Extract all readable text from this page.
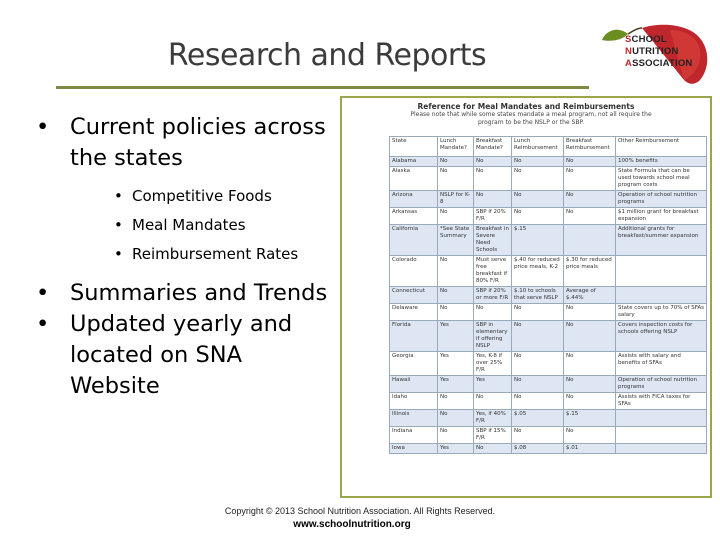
Research and Reports	SCHOOL
NUTRITION
ASSOCIATION
• Current policies across the states
• Competitive Foods
• Meal Mandates
• Reimbursement Rates
• Summaries and Trends
• Updated yearly and located on SNA Website
Reference for Meal Mandates and Reimbursements
Please note that while some states mandate a meal program, not all require the program to be the NSLP or the SBP.
State	Lunch Mandate?	Breakfast Mandate?	Lunch Reimbursement	Breakfast Reimbursement	Other Reimbursement
Alabama	No	No	No	No	100% benefits
Alaska	No	No	No	No	State Formula that can be used towards school meal program costs
Arizona	NSLP for K-8	No	No	No	Operation of school nutrition programs
Arkansas	No	SBP if 20% F/R	No	No	$1 million grant for breakfast expansion
California	*See State Summary	Breakfast in Severe Need Schools	$.15		Additional grants for breakfast/summer expansion
Colorado	No	Must serve free breakfast if 80% F/R	$.40 for reduced price meals, K-2	$.30 for reduced price meals	
Connecticut	No	SBP if 20% or more F/R	$.10 to schools that serve NSLP	Average of $.44%	
Delaware	No	No	No	No	State covers up to 70% of SFAs salary
Florida	Yes	SBP in elementary if offering NSLP	No	No	Covers inspection costs for schools offering NSLP
Georgia	Yes	Yes, K-8 if over 25% F/R	No	No	Assists with salary and benefits of SFAs
Hawaii	Yes	Yes	No	No	Operation of school nutrition programs
Idaho	No	No	No	No	Assists with FICA taxes for SFAs
Illinois	No	Yes, if 40% F/R	$.05	$.15	
Indiana	No	SBP if 15% F/R	No	No	
Iowa	Yes	No	$.08	$.01	
Copyright © 2013 School Nutrition Association. All Rights Reserved.
www.schoolnutrition.org
